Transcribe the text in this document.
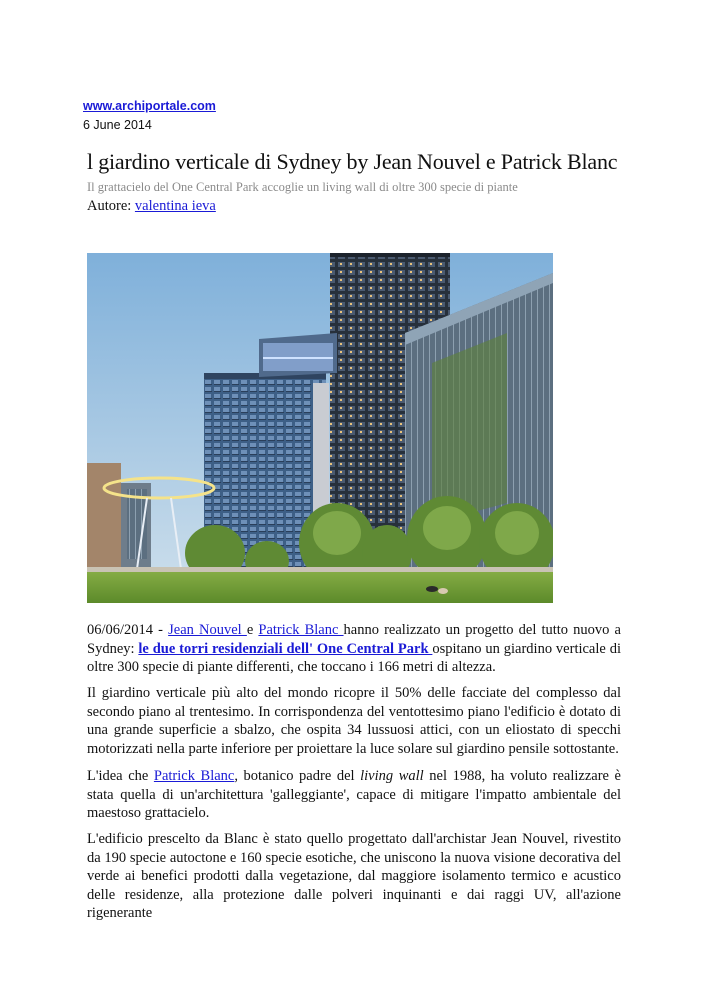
www.archiportale.com
6 June 2014
l giardino verticale di Sydney by Jean Nouvel e Patrick Blanc
Il grattacielo del One Central Park accoglie un living wall di oltre 300 specie di piante
Autore: valentina ieva

06/06/2014 - Jean Nouvel e Patrick Blanc hanno realizzato un progetto del tutto nuovo a Sydney: le due torri residenziali dell' One Central Park ospitano un giardino verticale di oltre 300 specie di piante differenti, che toccano i 166 metri di altezza.

Il giardino verticale più alto del mondo ricopre il 50% delle facciate del complesso dal secondo piano al trentesimo. In corrispondenza del ventottesimo piano l'edificio è dotato di una grande superficie a sbalzo, che ospita 34 lussuosi attici, con un eliostato di specchi motorizzati nella parte inferiore per proiettare la luce solare sul giardino pensile sottostante.

L'idea che Patrick Blanc, botanico padre del living wall nel 1988, ha voluto realizzare è stata quella di un'architettura 'galleggiante', capace di mitigare l'impatto ambientale del maestoso grattacielo.

L'edificio prescelto da Blanc è stato quello progettato dall'archistar Jean Nouvel, rivestito da 190 specie autoctone e 160 specie esotiche, che uniscono la nuova visione decorativa del verde ai benefici prodotti dalla vegetazione, dal maggiore isolamento termico e acustico delle residenze, alla protezione dalle polveri inquinanti e dai raggi UV, all'azione rigenerante
